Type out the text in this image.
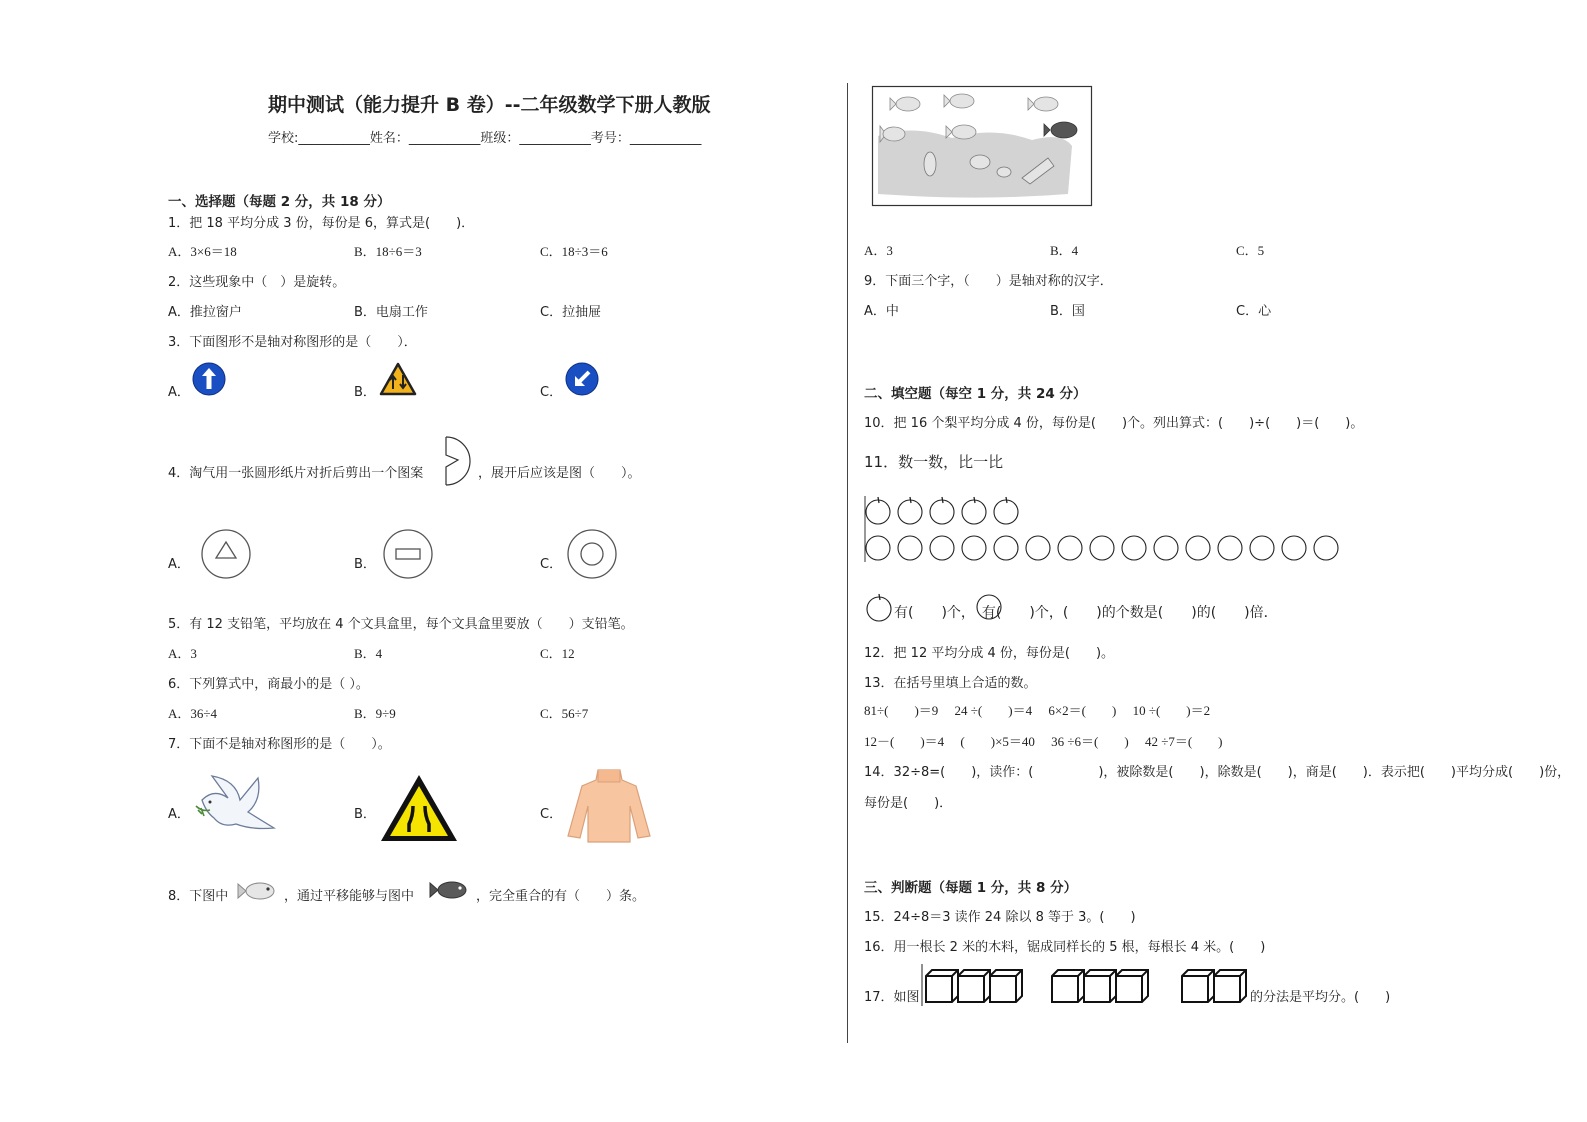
期中测试（能力提升 B 卷）--二年级数学下册人教版
学校:___________姓名：___________班级：___________考号：___________
一、选择题（每题 2 分，共 18 分）
1．把 18 平均分成 3 份，每份是 6，算式是(　　)．
A．3×6＝18	B．18÷6＝3	C．18÷3＝6
2．这些现象中（　）是旋转。
A．推拉窗户	B．电扇工作	C．拉抽屉
3．下面图形不是轴对称图形的是（　　）．
A．	B．	C．
4．淘气用一张圆形纸片对折后剪出一个图案	，展开后应该是图（　　）。
A．	B．	C．
5．有 12 支铅笔，平均放在 4 个文具盒里，每个文具盒里要放（　　）支铅笔。
A．3	B．4	C．12
6．下列算式中，商最小的是（ ）。
A．36÷4	B．9÷9	C．56÷7
7．下面不是轴对称图形的是（　　）。
A．	B．	C．
8．下图中	，通过平移能够与图中	，完全重合的有（　　）条。
A．3	B．4	C．5
9．下面三个字，（　　）是轴对称的汉字．
A．中	B．国	C．心
二、填空题（每空 1 分，共 24 分）
10．把 16 个梨平均分成 4 份，每份是(　　)个。列出算式：(　　)÷(　　)＝(　　)。
11．数一数，比一比
有(　　)个，　有(　　)个，(　　)的个数是(　　)的(　　)倍．
12．把 12 平均分成 4 份，每份是(　　)。
13．在括号里填上合适的数。
81÷(　　)＝9　 24 ÷(　　)＝4　 6×2＝(　　)　 10 ÷(　　)＝2
12－(　　)＝4　 (　　)×5＝40　 36 ÷6＝(　　)　 42 ÷7＝(　　)
14．32÷8=(　　)，读作：(　　　　　)，被除数是(　　)，除数是(　　)，商是(　　)．表示把(　　)平均分成(　　)份，
每份是(　　)．
三、判断题（每题 1 分，共 8 分）
15．24÷8＝3 读作 24 除以 8 等于 3。(　　)
16．用一根长 2 米的木料，锯成同样长的 5 根，每根长 4 米。(　　)
17．如图	的分法是平均分。(　　)
